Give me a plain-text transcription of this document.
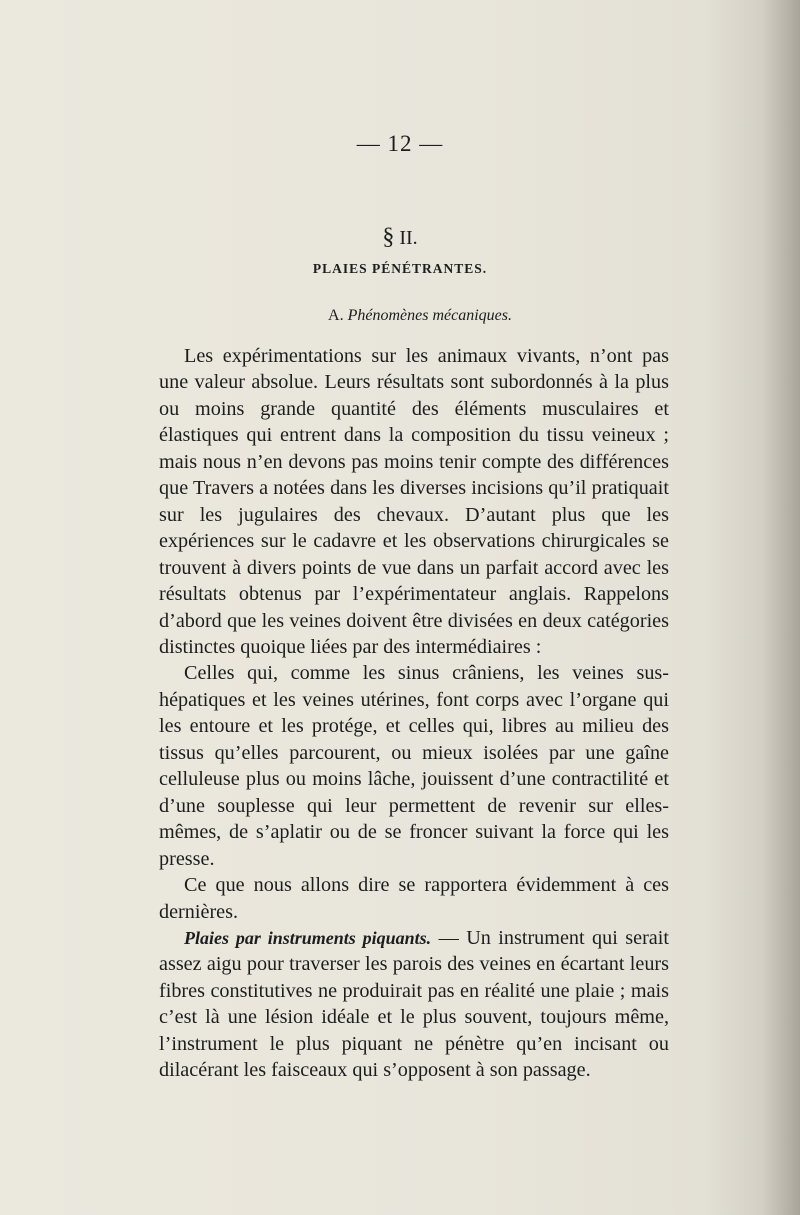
— 12 —
§ II.
PLAIES PÉNÉTRANTES.
A. Phénomènes mécaniques.

Les expérimentations sur les animaux vivants, n’ont pas une valeur absolue. Leurs résultats sont subordonnés à la plus ou moins grande quantité des éléments musculaires et élastiques qui entrent dans la composition du tissu veineux ; mais nous n’en devons pas moins tenir compte des différences que Travers a notées dans les diverses incisions qu’il pratiquait sur les jugulaires des chevaux. D’autant plus que les expériences sur le cadavre et les observations chirurgicales se trouvent à divers points de vue dans un parfait accord avec les résultats obtenus par l’expérimentateur anglais. Rappelons d’abord que les veines doivent être divisées en deux catégories distinctes quoique liées par des intermédiaires :

Celles qui, comme les sinus crâniens, les veines sus-hépatiques et les veines utérines, font corps avec l’organe qui les entoure et les protége, et celles qui, libres au milieu des tissus qu’elles parcourent, ou mieux isolées par une gaîne celluleuse plus ou moins lâche, jouissent d’une contractilité et d’une souplesse qui leur permettent de revenir sur elles-mêmes, de s’aplatir ou de se froncer suivant la force qui les presse.

Ce que nous allons dire se rapportera évidemment à ces dernières.

Plaies par instruments piquants. — Un instrument qui serait assez aigu pour traverser les parois des veines en écartant leurs fibres constitutives ne produirait pas en réalité une plaie ; mais c’est là une lésion idéale et le plus souvent, toujours même, l’instrument le plus piquant ne pénètre qu’en incisant ou dilacérant les faisceaux qui s’opposent à son passage.
